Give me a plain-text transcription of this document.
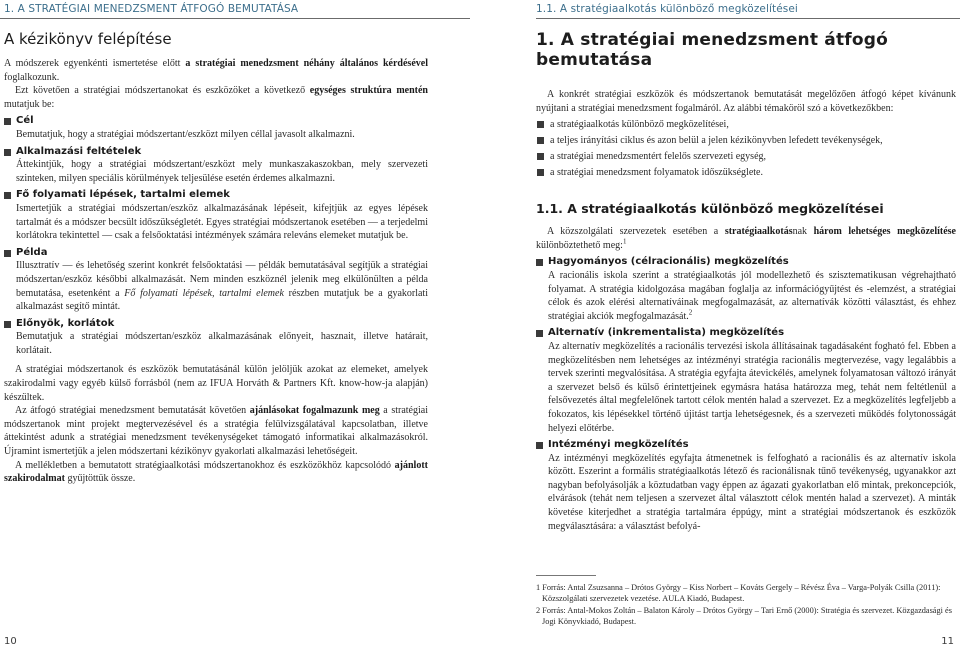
1. A STRATÉGIAI MENEDZSMENT ÁTFOGÓ BEMUTATÁSA
A kézikönyv felépítése

A módszerek egyenkénti ismertetése előtt a stratégiai menedzsment néhány általános kérdésével foglalkozunk.

Ezt követően a stratégiai módszertanokat és eszközöket a következő egységes struktúra mentén mutatjuk be:

Cél

Bemutatjuk, hogy a stratégiai módszertant/eszközt milyen céllal javasolt alkalmazni.

Alkalmazási feltételek

Áttekintjük, hogy a stratégiai módszertant/eszközt mely munkaszakaszokban, mely szervezeti szinteken, milyen speciális körülmények teljesülése esetén érdemes alkalmazni.

Fő folyamati lépések, tartalmi elemek

Ismertetjük a stratégiai módszertan/eszköz alkalmazásának lépéseit, kifejtjük az egyes lépések tartalmát és a módszer becsült időszükségletét. Egyes stratégiai módszertanok esetében — a terjedelmi korlátokra tekintettel — csak a felsőoktatási intézmények számára releváns elemeket mutatjuk be.

Példa

Illusztratív — és lehetőség szerint konkrét felsőoktatási — példák bemutatásával segítjük a stratégiai módszertan/eszköz későbbi alkalmazását. Nem minden eszköznél jelenik meg elkülönülten a példa bemutatása, esetenként a Fő folyamati lépések, tartalmi elemek részben mutatjuk be a gyakorlati alkalmazást segítő mintát.

Előnyök, korlátok

Bemutatjuk a stratégiai módszertan/eszköz alkalmazásának előnyeit, hasznait, illetve határait, korlátait.

A stratégiai módszertanok és eszközök bemutatásánál külön jelöljük azokat az elemeket, amelyek szakirodalmi vagy egyéb külső forrásból (nem az IFUA Horváth & Partners Kft. know-how-ja alapján) készültek.

Az átfogó stratégiai menedzsment bemutatását követően ajánlásokat fogalmazunk meg a stratégiai módszertanok mint projekt megtervezésével és a stratégia felülvizsgálatával kapcsolatban, illetve áttekintést adunk a stratégiai menedzsment tevékenységeket támogató informatikai alkalmazásokról. Újramint ismertetjük a jelen módszertani kézikönyv gyakorlati alkalmazási lehetőségeit.

A mellékletben a bemutatott stratégiaalkotási módszertanokhoz és eszközökhöz kapcsolódó ajánlott szakirodalmat gyűjtöttük össze.

10
1.1. A stratégiaalkotás különböző megközelítései
1. A stratégiai menedzsment átfogó bemutatása

A konkrét stratégiai eszközök és módszertanok bemutatását megelőzően átfogó képet kívánunk nyújtani a stratégiai menedzsment fogalmáról. Az alábbi témaköröl szó a következőkben:

a stratégiaalkotás különböző megközelítései,
a teljes irányítási ciklus és azon belül a jelen kézikönyvben lefedett tevékenységek,
a stratégiai menedzsmentért felelős szervezeti egység,
a stratégiai menedzsment folyamatok időszükséglete.
1.1. A stratégiaalkotás különböző megközelítései

A közszolgálati szervezetek esetében a stratégiaalkotásnak három lehetséges megközelítése különböztethető meg:$^1$

Hagyományos (célracionális) megközelítés

A racionális iskola szerint a stratégiaalkotás jól modellezhető és szisztematikusan végrehajtható folyamat. A stratégia kidolgozása magában foglalja az információgyűjtést és -elemzést, a stratégiai célok és azok elérési alternatíváinak megfogalmazását, az alternatívák közötti választást, és ehhez stratégiai akciók megfogalmazását.$^2$

Alternatív (inkrementalista) megközelítés

Az alternatív megközelítés a racionális tervezési iskola állításainak tagadásaként fogható fel. Ebben a megközelítésben nem lehetséges az intézményi stratégia racionális megtervezése, vagy legalábbis a tervek szerinti megvalósítása. A stratégia egyfajta átevickélés, amelynek folyamatosan változó irányát a szervezet belső és külső érintettjeinek egymásra hatása határozza meg, tehát nem feltétlenül a felsővezetés által megfelelőnek tartott célok mentén halad a szervezet. Ez a megközelítés legfeljebb a fokozatos, kis lépésekkel történő újitást tartja lehetségesnek, és a szervezeti működés folytonosságát helyezi előtérbe.

Intézményi megközelítés

Az intézményi megközelítés egyfajta átmenetnek is felfogható a racionális és az alternatív iskola között. Eszerint a formális stratégiaalkotás létező és racionálisnak tűnő tevékenység, ugyanakkor azt nagyban befolyásolják a köztudatban vagy éppen az ágazati gyakorlatban elő mintak, prekoncepciók, elvárások (tehát nem teljesen a szervezet által választott célok mentén halad a szervezet). A minták követése kiterjedhet a stratégia tartalmára éppúgy, mint a stratégiai módszertanok és eszközök megválasztására: a választást befolyá-

1 Forrás: Antal Zsuzsanna – Drótos György – Kiss Norbert – Kováts Gergely – Révész Éva – Varga-Polyák Csilla (2011): Közszolgálati szervezetek vezetése. AULA Kiadó, Budapest.
2 Forrás: Antal-Mokos Zoltán – Balaton Károly – Drótos György – Tari Ernő (2000): Stratégia és szervezet. Közgazdasági és Jogi Könyvkiadó, Budapest.
11
